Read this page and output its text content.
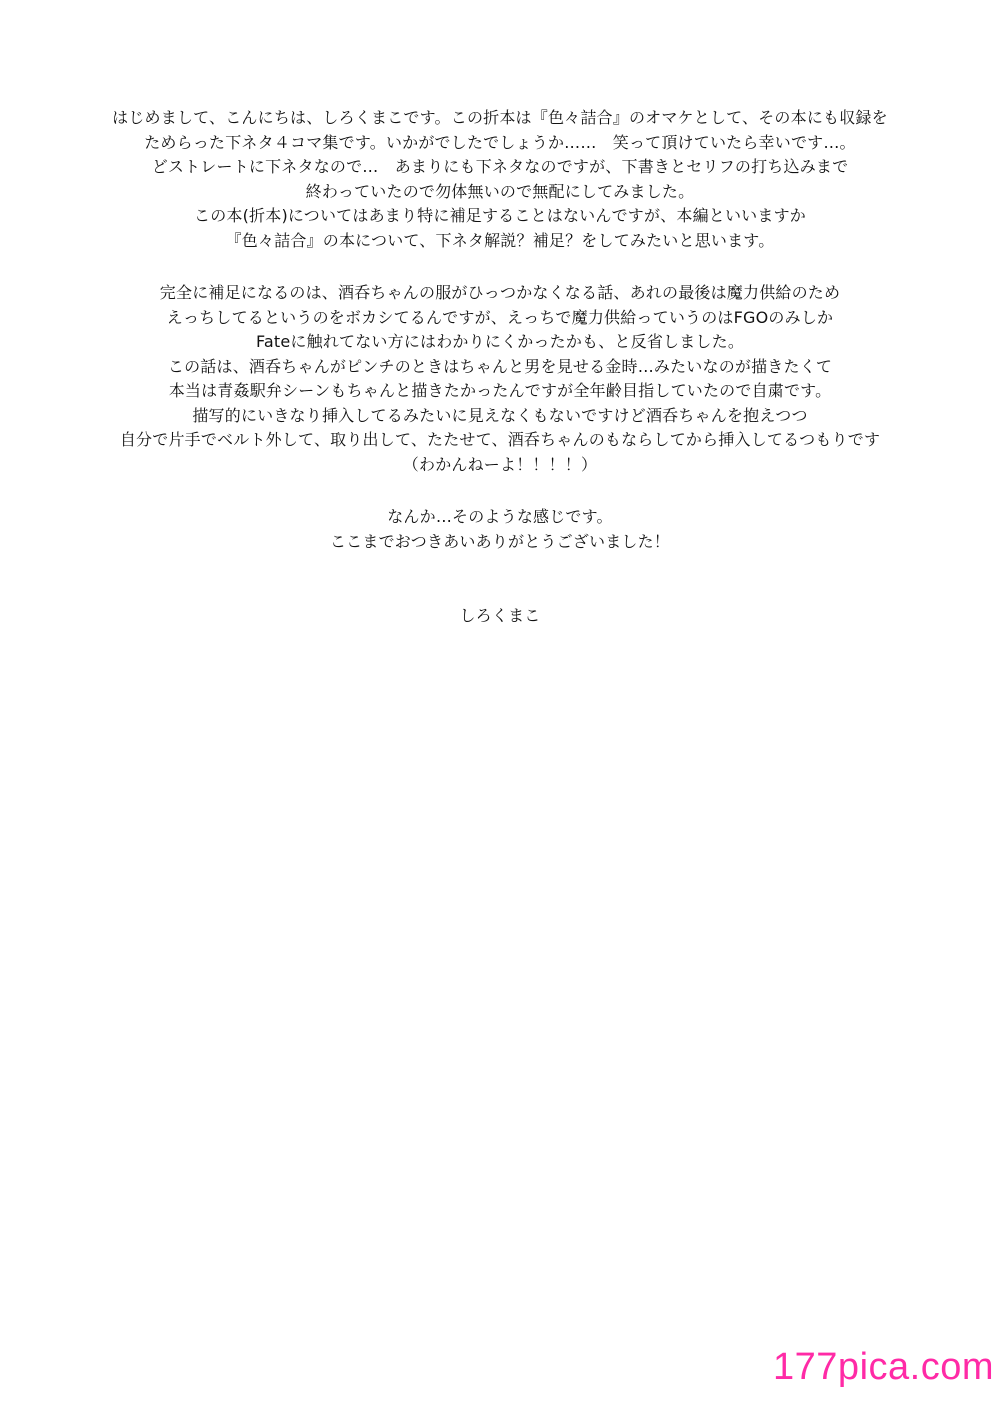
はじめまして、こんにちは、しろくまこです。この折本は『色々詰合』のオマケとして、その本にも収録を
ためらった下ネタ４コマ集です。いかがでしたでしょうか……　笑って頂けていたら幸いです…。
どストレートに下ネタなので…　あまりにも下ネタなのですが、下書きとセリフの打ち込みまで
終わっていたので勿体無いので無配にしてみました。
この本(折本)についてはあまり特に補足することはないんですが、本編といいますか
『色々詰合』の本について、下ネタ解説？補足？をしてみたいと思います。
完全に補足になるのは、酒呑ちゃんの服がひっつかなくなる話、あれの最後は魔力供給のため
えっちしてるというのをボカシてるんですが、えっちで魔力供給っていうのはFGOのみしか
Fateに触れてない方にはわかりにくかったかも、と反省しました。
この話は、酒呑ちゃんがピンチのときはちゃんと男を見せる金時…みたいなのが描きたくて
本当は青姦駅弁シーンもちゃんと描きたかったんですが全年齢目指していたので自粛です。
描写的にいきなり挿入してるみたいに見えなくもないですけど酒呑ちゃんを抱えつつ
自分で片手でベルト外して、取り出して、たたせて、酒呑ちゃんのもならしてから挿入してるつもりです
（わかんねーよ！！！！）
なんか…そのような感じです。
ここまでおつきあいありがとうございました！
しろくまこ
177pica.com
